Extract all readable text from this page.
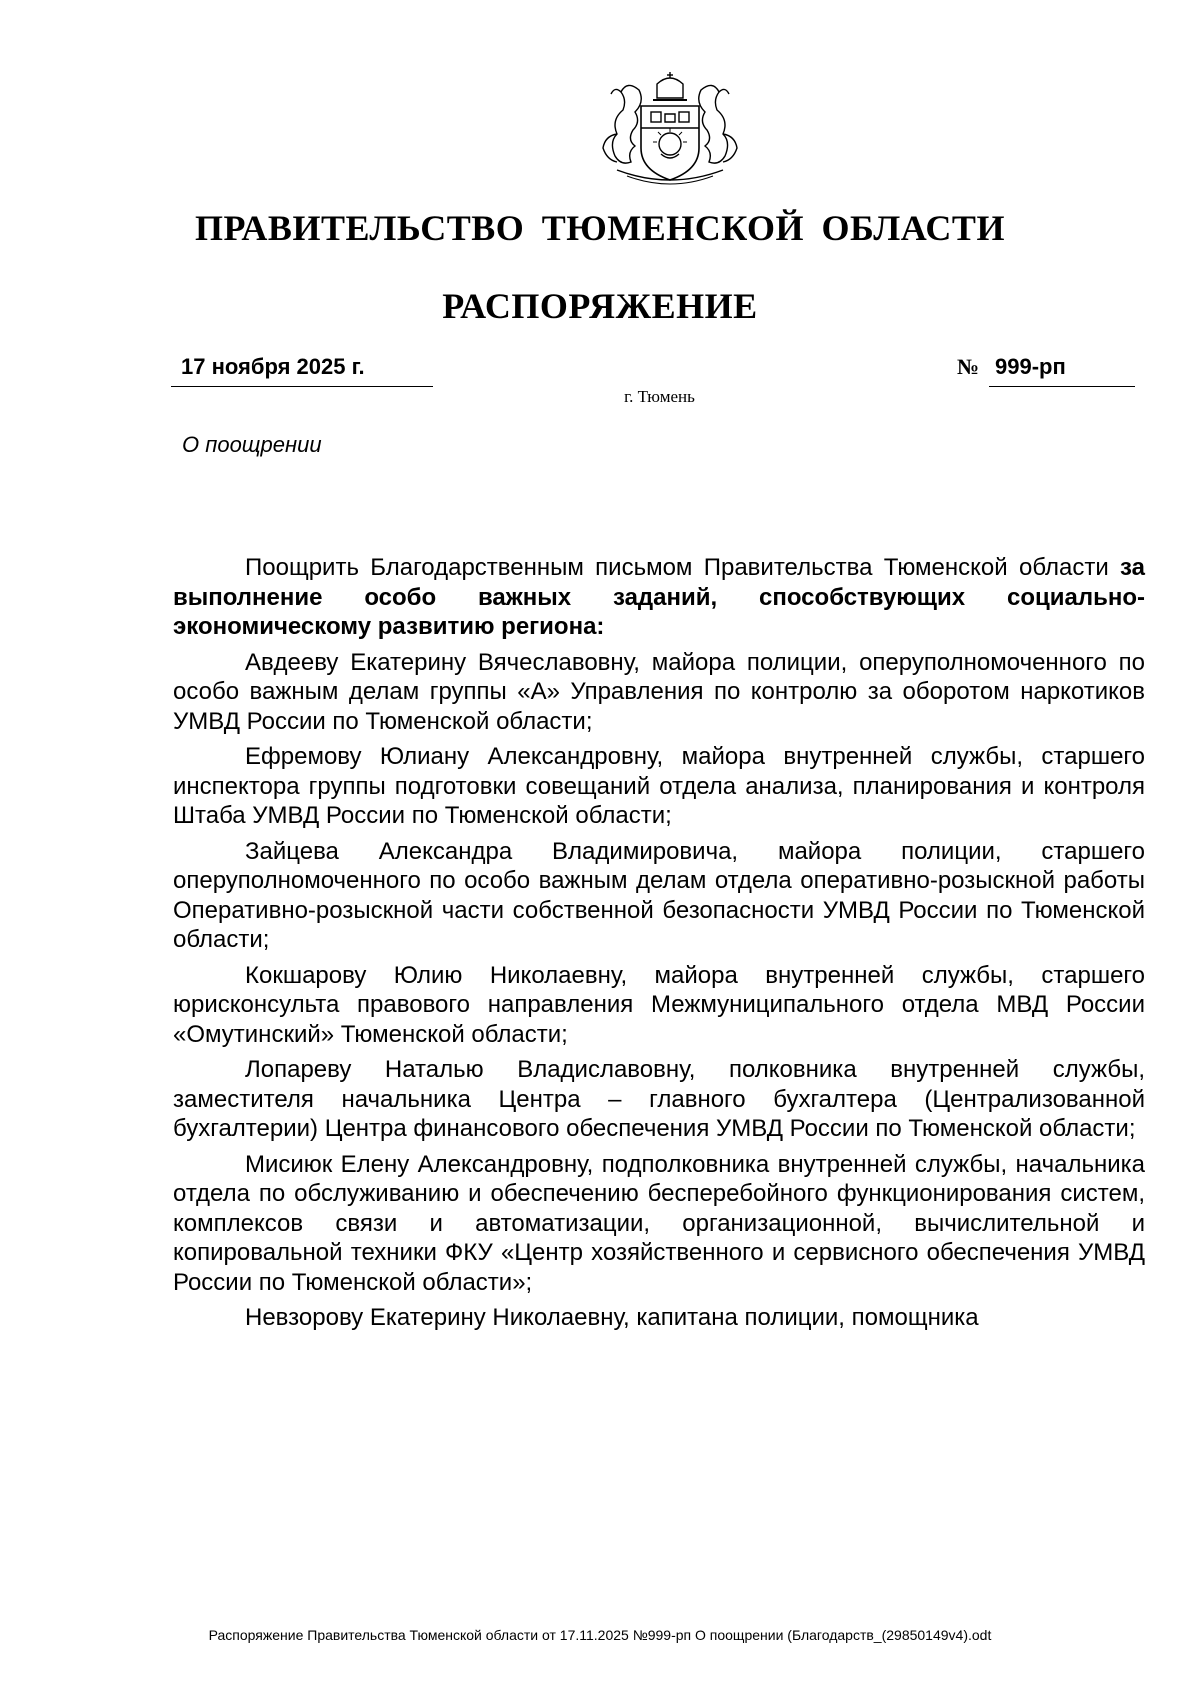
ПРАВИТЕЛЬСТВО ТЮМЕНСКОЙ ОБЛАСТИ
РАСПОРЯЖЕНИЕ
17 ноября 2025 г.	№ 999-рп
г. Тюмень
О поощрении

Поощрить Благодарственным письмом Правительства Тюменской области за выполнение особо важных заданий, способствующих социально-экономическому развитию региона:

Авдееву Екатерину Вячеславовну, майора полиции, оперуполномоченного по особо важным делам группы «А» Управления по контролю за оборотом наркотиков УМВД России по Тюменской области;

Ефремову Юлиану Александровну, майора внутренней службы, старшего инспектора группы подготовки совещаний отдела анализа, планирования и контроля Штаба УМВД России по Тюменской области;

Зайцева Александра Владимировича, майора полиции, старшего оперуполномоченного по особо важным делам отдела оперативно-розыскной работы Оперативно-розыскной части собственной безопасности УМВД России по Тюменской области;

Кокшарову Юлию Николаевну, майора внутренней службы, старшего юрисконсульта правового направления Межмуниципального отдела МВД России «Омутинский» Тюменской области;

Лопареву Наталью Владиславовну, полковника внутренней службы, заместителя начальника Центра – главного бухгалтера (Централизованной бухгалтерии) Центра финансового обеспечения УМВД России по Тюменской области;

Мисиюк Елену Александровну, подполковника внутренней службы, начальника отдела по обслуживанию и обеспечению бесперебойного функционирования систем, комплексов связи и автоматизации, организационной, вычислительной и копировальной техники ФКУ «Центр хозяйственного и сервисного обеспечения УМВД России по Тюменской области»;

Невзорову Екатерину Николаевну, капитана полиции, помощника

Распоряжение Правительства Тюменской области от 17.11.2025 №999-рп О поощрении (Благодарств_(29850149v4).odt
